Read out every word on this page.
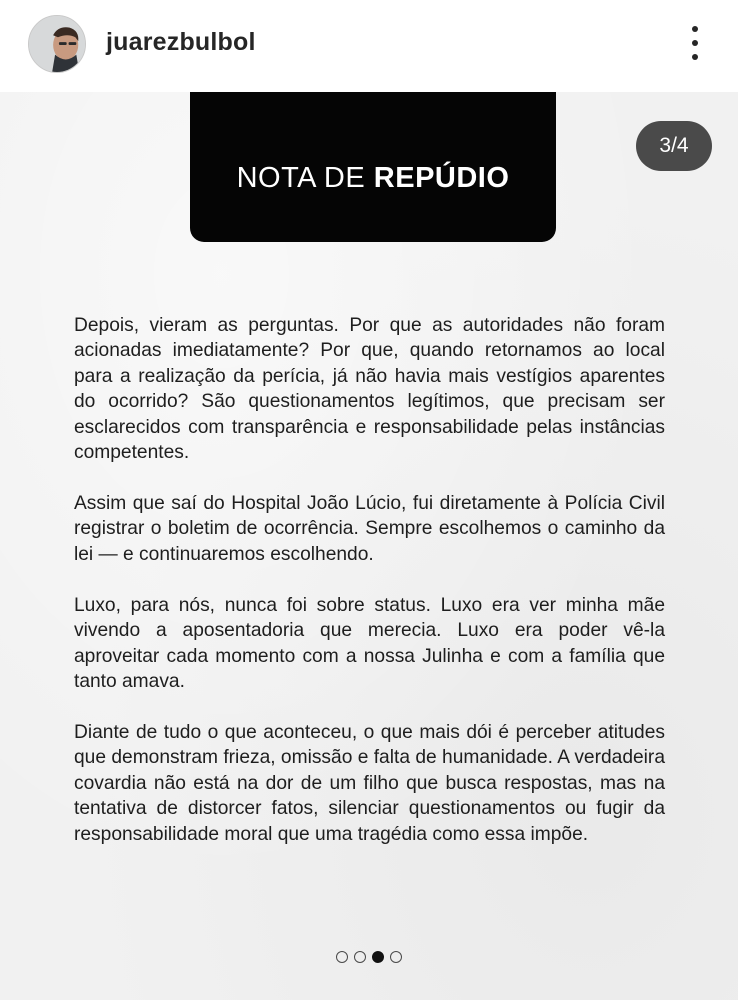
juarezbulbol
NOTA DE REPÚDIO
3/4

Depois, vieram as perguntas. Por que as autoridades não foram acionadas imediatamente? Por que, quando retornamos ao local para a realização da perícia, já não havia mais vestígios aparentes do ocorrido? São questionamentos legítimos, que precisam ser esclarecidos com transparência e responsabilidade pelas instâncias competentes.

Assim que saí do Hospital João Lúcio, fui diretamente à Polícia Civil registrar o boletim de ocorrência. Sempre escolhemos o caminho da lei — e continuaremos escolhendo.

Luxo, para nós, nunca foi sobre status. Luxo era ver minha mãe vivendo a aposentadoria que merecia. Luxo era poder vê-la aproveitar cada momento com a nossa Julinha e com a família que tanto amava.

Diante de tudo o que aconteceu, o que mais dói é perceber atitudes que demonstram frieza, omissão e falta de humanidade. A verdadeira covardia não está na dor de um filho que busca respostas, mas na tentativa de distorcer fatos, silenciar questionamentos ou fugir da responsabilidade moral que uma tragédia como essa impõe.
